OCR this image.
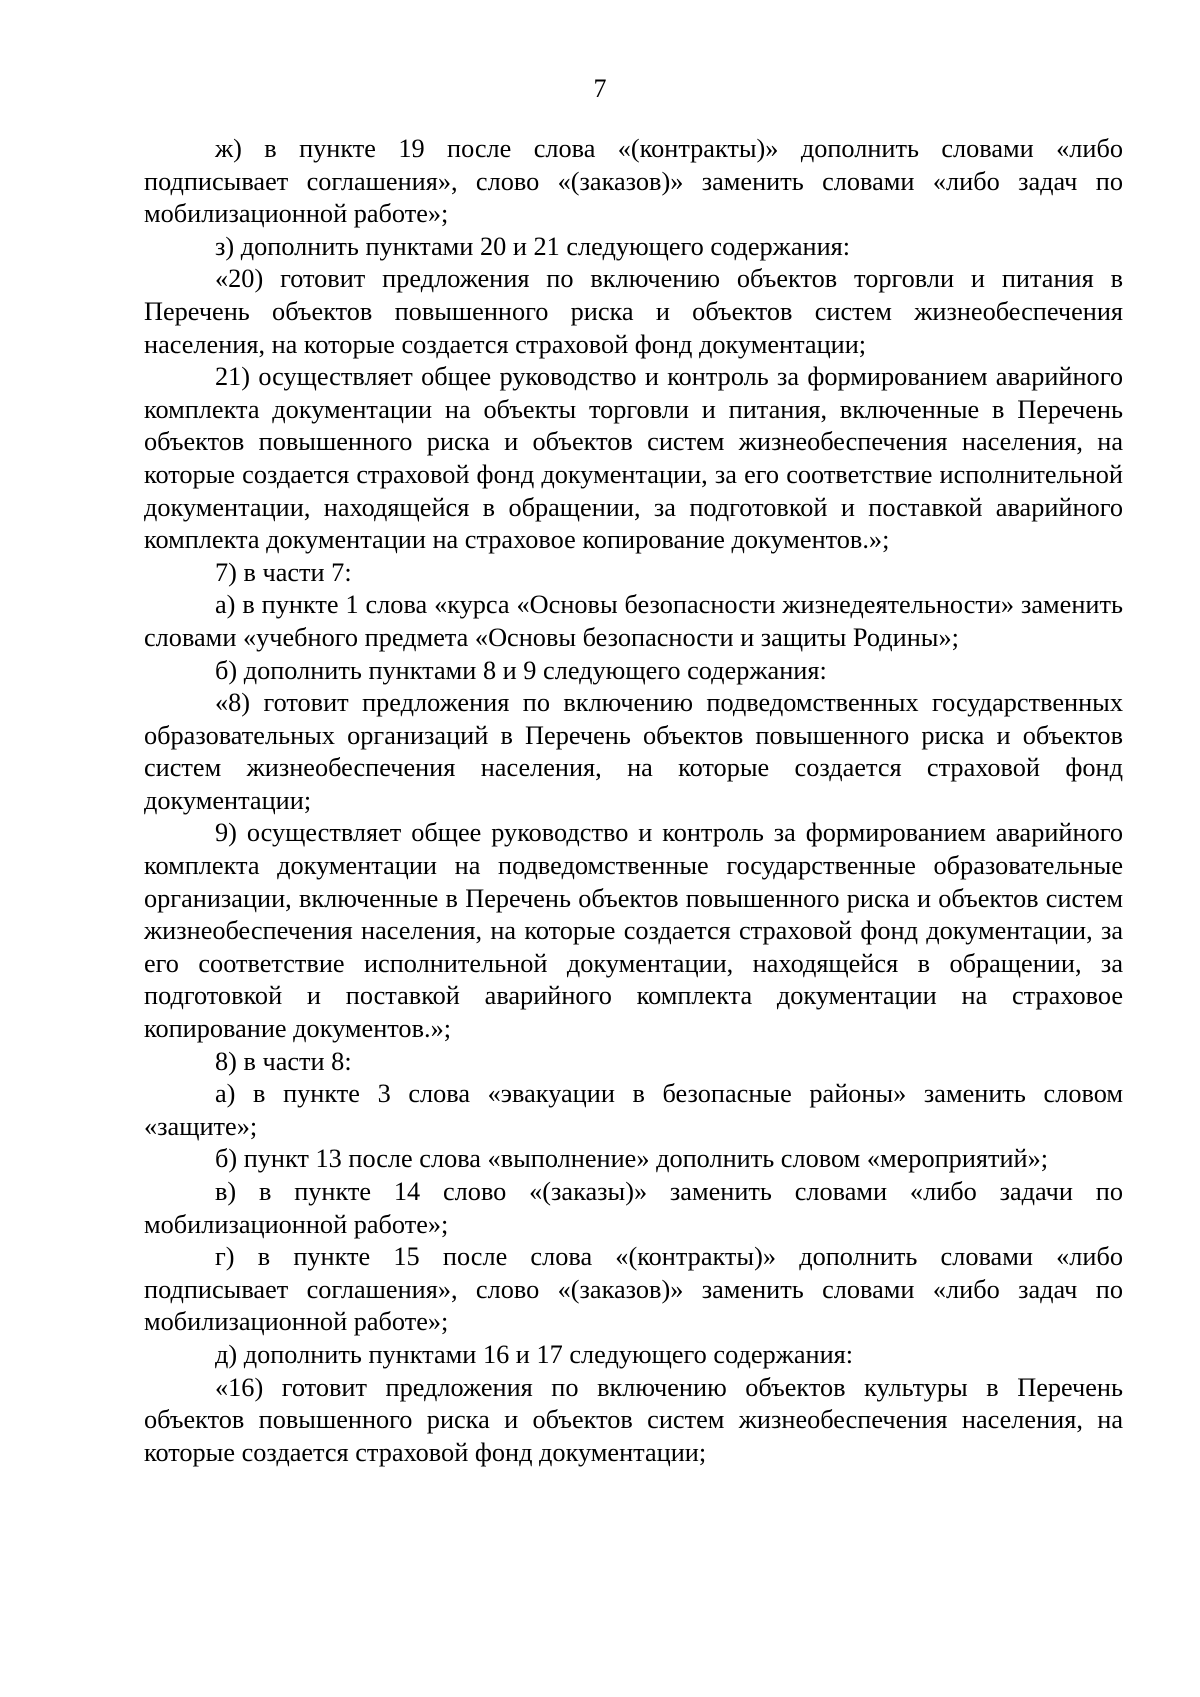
7

ж) в пункте 19 после слова «(контракты)» дополнить словами «либо подписывает соглашения», слово «(заказов)» заменить словами «либо задач по мобилизационной работе»;

з) дополнить пунктами 20 и 21 следующего содержания:

«20) готовит предложения по включению объектов торговли и питания в Перечень объектов повышенного риска и объектов систем жизнеобеспечения населения, на которые создается страховой фонд документации;

21) осуществляет общее руководство и контроль за формированием аварийного комплекта документации на объекты торговли и питания, включенные в Перечень объектов повышенного риска и объектов систем жизнеобеспечения населения, на которые создается страховой фонд документации, за его соответствие исполнительной документации, находящейся в обращении, за подготовкой и поставкой аварийного комплекта документации на страховое копирование документов.»;

7) в части 7:

а) в пункте 1 слова «курса «Основы безопасности жизнедеятельности» заменить словами «учебного предмета «Основы безопасности и защиты Родины»;

б) дополнить пунктами 8 и 9 следующего содержания:

«8) готовит предложения по включению подведомственных государственных образовательных организаций в Перечень объектов повышенного риска и объектов систем жизнеобеспечения населения, на которые создается страховой фонд документации;

9) осуществляет общее руководство и контроль за формированием аварийного комплекта документации на подведомственные государственные образовательные организации, включенные в Перечень объектов повышенного риска и объектов систем жизнеобеспечения населения, на которые создается страховой фонд документации, за его соответствие исполнительной документации, находящейся в обращении, за подготовкой и поставкой аварийного комплекта документации на страховое копирование документов.»;

8) в части 8:

а) в пункте 3 слова «эвакуации в безопасные районы» заменить словом «защите»;

б) пункт 13 после слова «выполнение» дополнить словом «мероприятий»;

в) в пункте 14 слово «(заказы)» заменить словами «либо задачи по мобилизационной работе»;

г) в пункте 15 после слова «(контракты)» дополнить словами «либо подписывает соглашения», слово «(заказов)» заменить словами «либо задач по мобилизационной работе»;

д) дополнить пунктами 16 и 17 следующего содержания:

«16) готовит предложения по включению объектов культуры в Перечень объектов повышенного риска и объектов систем жизнеобеспечения населения, на которые создается страховой фонд документации;
